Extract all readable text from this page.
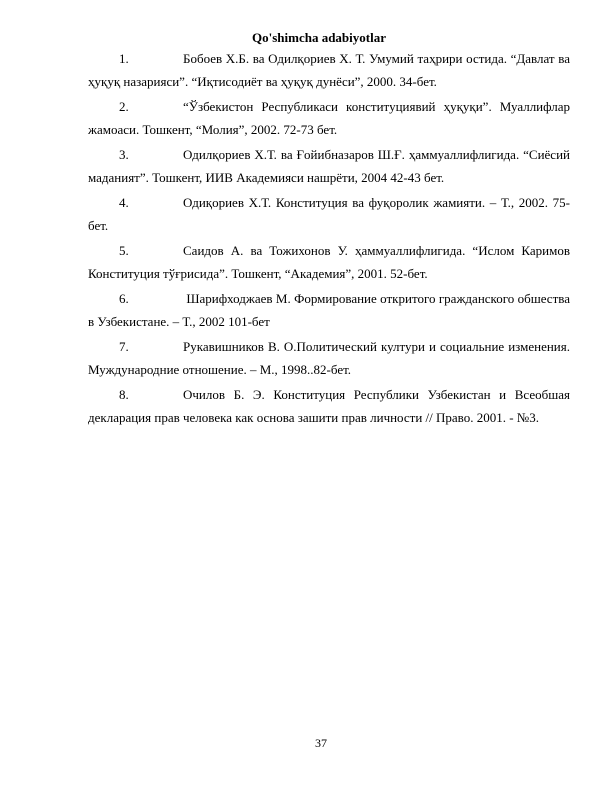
Qo'shimcha adabiyotlar
1.	Бобоев Х.Б. ва Одилқориев Х. Т. Умумий таҳрири остида. “Давлат ва ҳуқуқ назарияси”. “Иқтисодиёт ва ҳуқуқ дунёси”, 2000. 34-бет.
2.	“Ўзбекистон Республикаси конституциявий ҳуқуқи”. Муаллифлар жамоаси. Тошкент, “Молия”, 2002. 72-73 бет.
3.	Одилқориев Х.Т. ва Ғойибназаров Ш.Ғ. ҳаммуаллифлигида. “Сиёсий маданият”. Тошкент, ИИВ Академияси нашрёти, 2004 42-43 бет.
4.	Одиқориев Х.Т. Конституция ва фуқоролик жамияти. – Т., 2002. 75-бет.
5.	Саидов А. ва Тожихонов У. ҳаммуаллифлигида. “Ислом Каримов Конституция тўғрисида”. Тошкент, “Академия”, 2001. 52-бет.
6.	Шарифходжаев М. Формирование откритого гражданского обшества в Узбекистане. – Т., 2002 101-бет
7.	Рукавишников В. О.Политический култури и социальние изменения. Муждународние отношение. – М., 1998..82-бет.
8.	Очилов Б. Э. Конституция Республики Узбекистан и Всеобшая декларация прав человека как основа зашити прав личности // Право. 2001. - №3.
37
